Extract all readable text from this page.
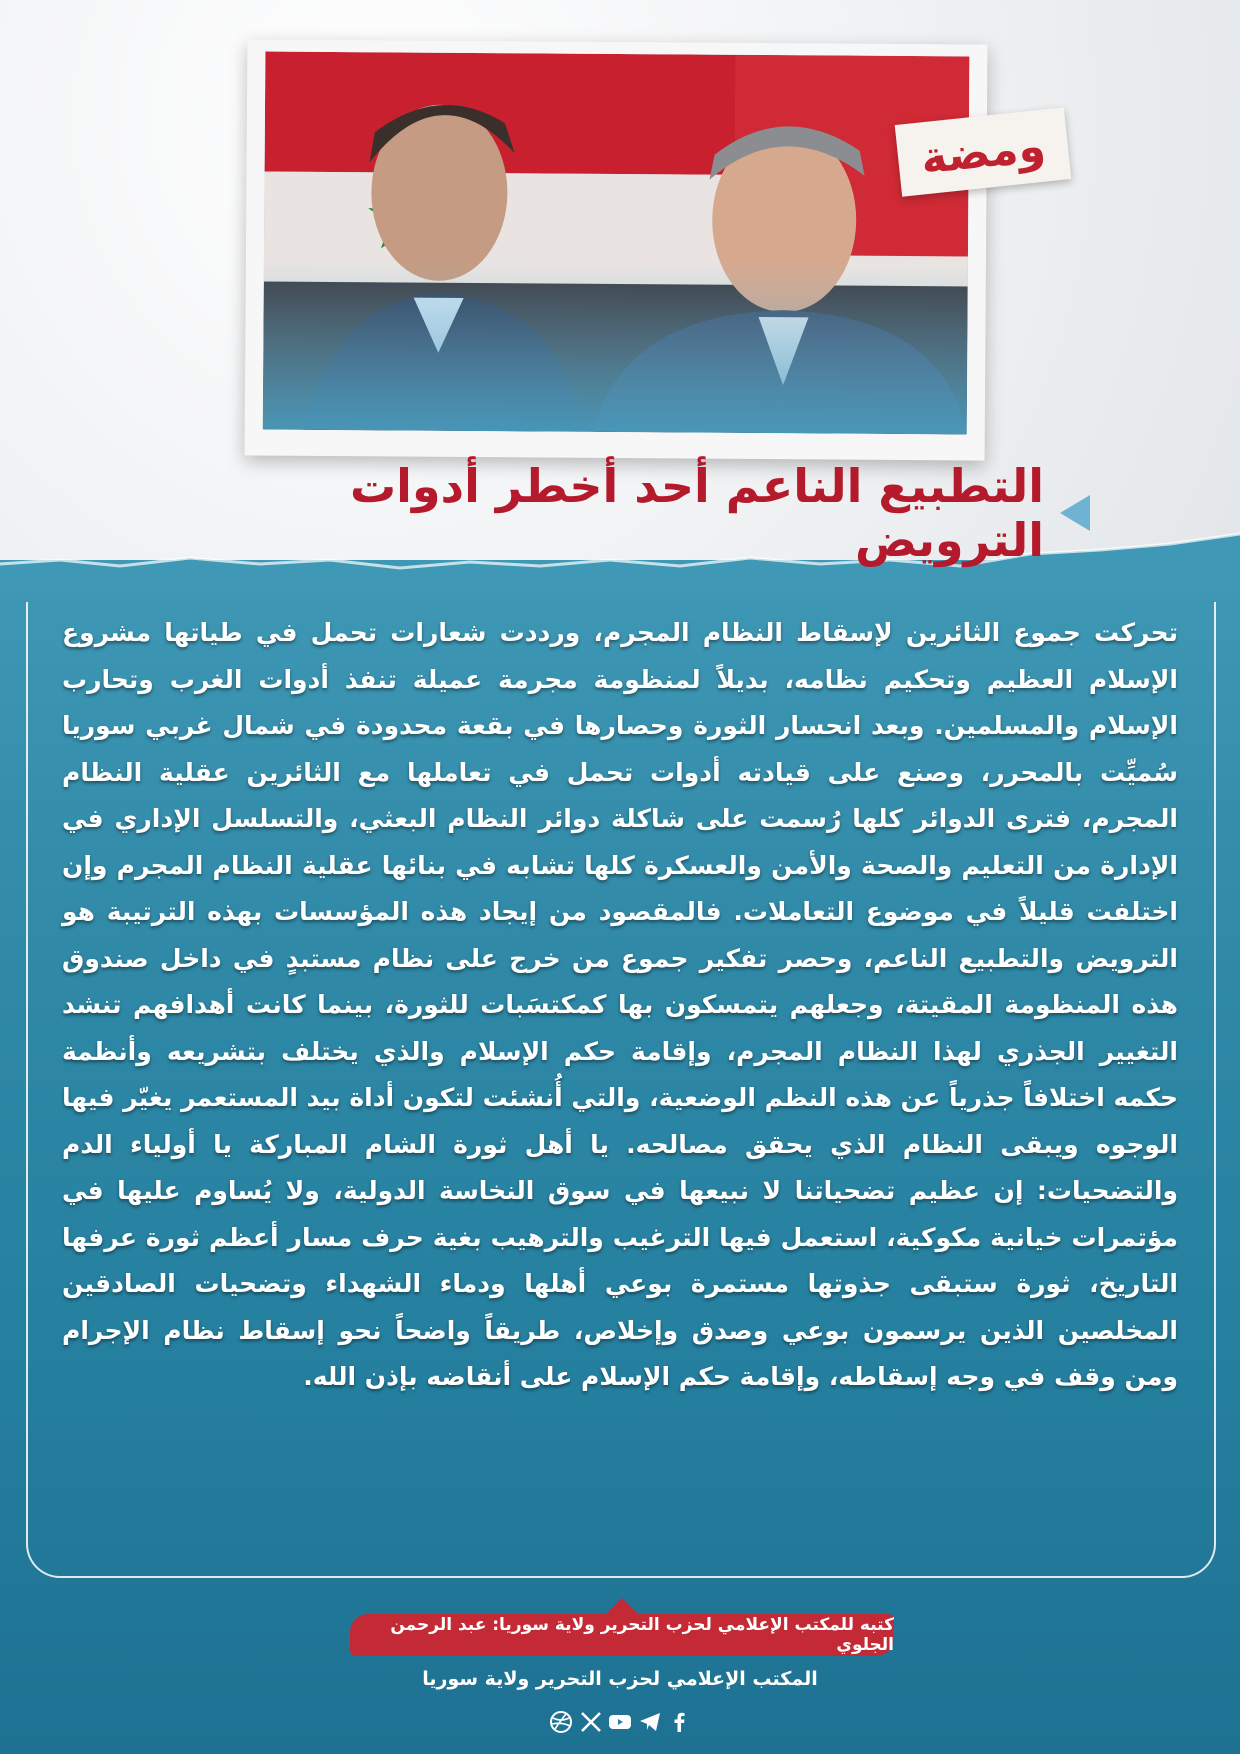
ومضة
التطبيع الناعم أحد أخطر أدوات الترويض

تحركت جموع الثائرين لإسقاط النظام المجرم، ورددت شعارات تحمل في طياتها مشروع الإسلام العظيم وتحكيم نظامه، بديلاً لمنظومة مجرمة عميلة تنفذ أدوات الغرب وتحارب الإسلام والمسلمين. وبعد انحسار الثورة وحصارها في بقعة محدودة في شمال غربي سوريا سُميِّت بالمحرر، وصنع على قيادته أدوات تحمل في تعاملها مع الثائرين عقلية النظام المجرم، فترى الدوائر كلها رُسمت على شاكلة دوائر النظام البعثي، والتسلسل الإداري في الإدارة من التعليم والصحة والأمن والعسكرة كلها تشابه في بنائها عقلية النظام المجرم وإن اختلفت قليلاً في موضوع التعاملات. فالمقصود من إيجاد هذه المؤسسات بهذه الترتيبة هو الترويض والتطبيع الناعم، وحصر تفكير جموع من خرج على نظام مستبدٍ في داخل صندوق هذه المنظومة المقيتة، وجعلهم يتمسكون بها كمكتسَبات للثورة، بينما كانت أهدافهم تنشد التغيير الجذري لهذا النظام المجرم، وإقامة حكم الإسلام والذي يختلف بتشريعه وأنظمة حكمه اختلافاً جذرياً عن هذه النظم الوضعية، والتي أُنشئت لتكون أداة بيد المستعمر يغيّر فيها الوجوه ويبقى النظام الذي يحقق مصالحه. يا أهل ثورة الشام المباركة يا أولياء الدم والتضحيات: إن عظيم تضحياتنا لا نبيعها في سوق النخاسة الدولية، ولا يُساوم عليها في مؤتمرات خيانية مكوكية، استعمل فيها الترغيب والترهيب بغية حرف مسار أعظم ثورة عرفها التاريخ، ثورة ستبقى جذوتها مستمرة بوعي أهلها ودماء الشهداء وتضحيات الصادقين المخلصين الذين يرسمون بوعي وصدق وإخلاص، طريقاً واضحاً نحو إسقاط نظام الإجرام ومن وقف في وجه إسقاطه، وإقامة حكم الإسلام على أنقاضه بإذن الله.

كتبه للمكتب الإعلامي لحزب التحرير ولاية سوريا: عبد الرحمن الجلوي
المكتب الإعلامي لحزب التحرير ولاية سوريا
